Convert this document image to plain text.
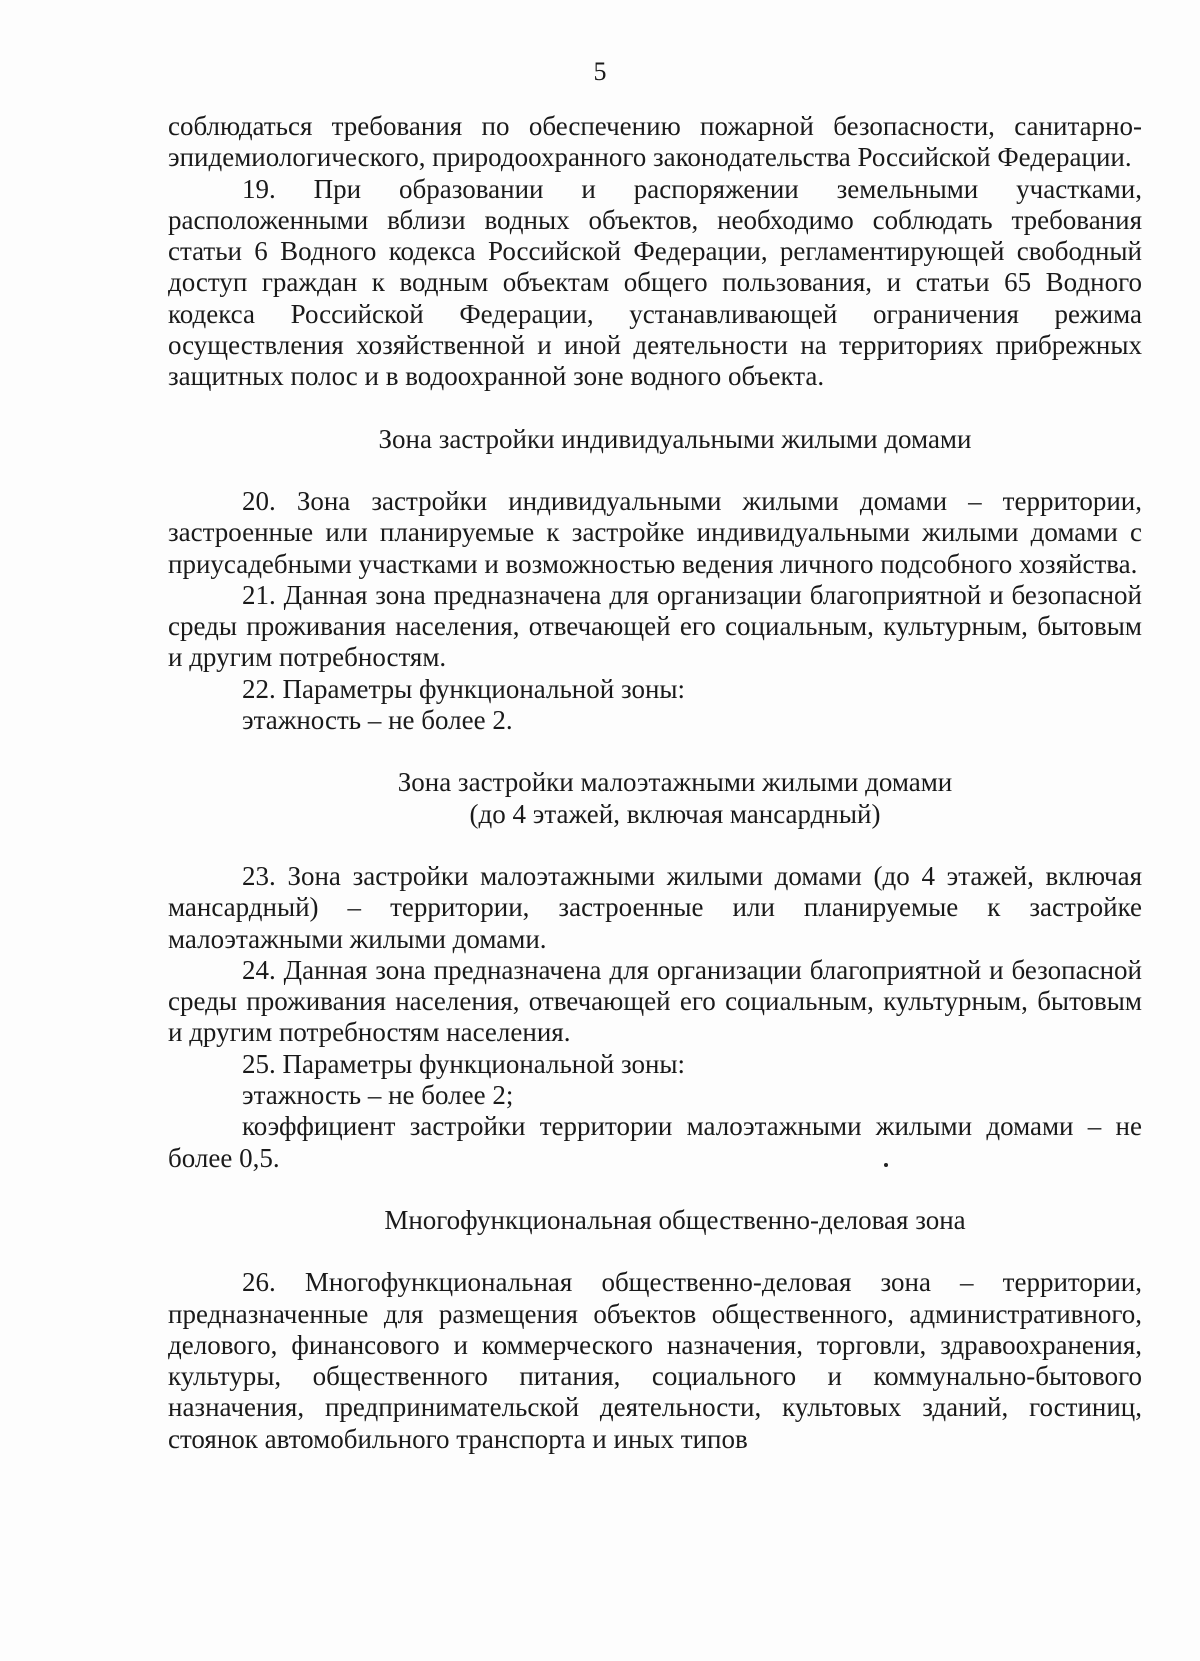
5

соблюдаться требования по обеспечению пожарной безопасности, санитарно-эпидемиологического, природоохранного законодательства Российской Федерации.

19. При образовании и распоряжении земельными участками, расположенными вблизи водных объектов, необходимо соблюдать требования статьи 6 Водного кодекса Российской Федерации, регламентирующей свободный доступ граждан к водным объектам общего пользования, и статьи 65 Водного кодекса Российской Федерации, устанавливающей ограничения режима осуществления хозяйственной и иной деятельности на территориях прибрежных защитных полос и в водоохранной зоне водного объекта.

Зона застройки индивидуальными жилыми домами

20. Зона застройки индивидуальными жилыми домами – территории, застроенные или планируемые к застройке индивидуальными жилыми домами с приусадебными участками и возможностью ведения личного подсобного хозяйства.

21. Данная зона предназначена для организации благоприятной и безопасной среды проживания населения, отвечающей его социальным, культурным, бытовым и другим потребностям.

22. Параметры функциональной зоны:

этажность – не более 2.

Зона застройки малоэтажными жилыми домами

(до 4 этажей, включая мансардный)

23. Зона застройки малоэтажными жилыми домами (до 4 этажей, включая мансардный) – территории, застроенные или планируемые к застройке малоэтажными жилыми домами.

24. Данная зона предназначена для организации благоприятной и безопасной среды проживания населения, отвечающей его социальным, культурным, бытовым и другим потребностям населения.

25. Параметры функциональной зоны:

этажность – не более 2;

коэффициент застройки территории малоэтажными жилыми домами – не более 0,5.

Многофункциональная общественно-деловая зона

26. Многофункциональная общественно-деловая зона – территории, предназначенные для размещения объектов общественного, административного, делового, финансового и коммерческого назначения, торговли, здравоохранения, культуры, общественного питания, социального и коммунально-бытового назначения, предпринимательской деятельности, культовых зданий, гостиниц, стоянок автомобильного транспорта и иных типов
